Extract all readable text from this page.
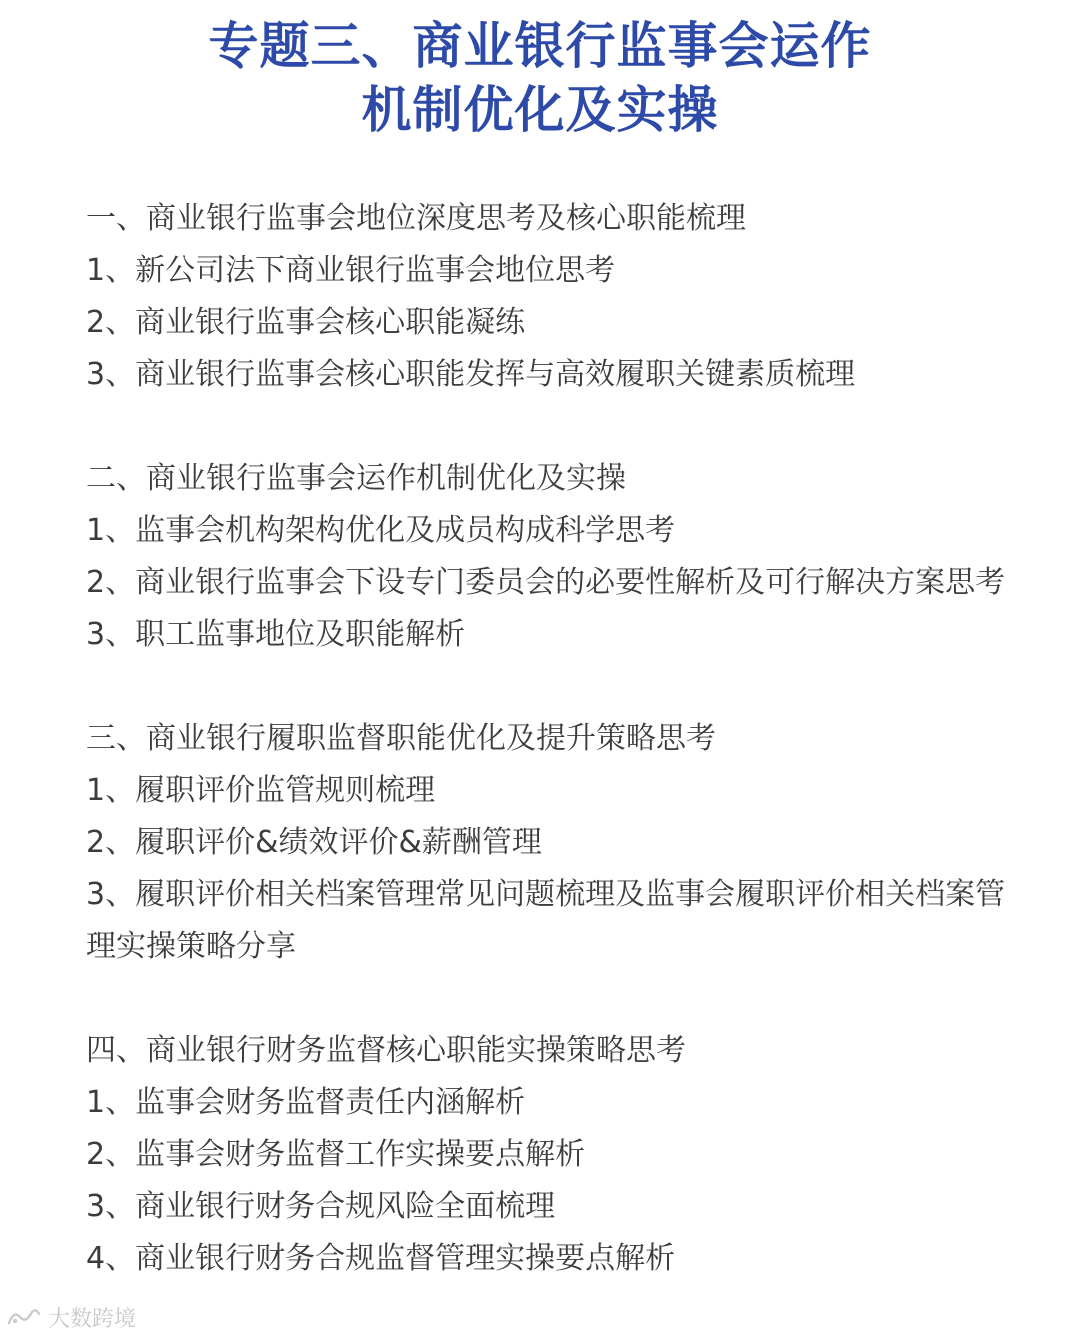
专题三、商业银行监事会运作
机制优化及实操
一、商业银行监事会地位深度思考及核心职能梳理
1、新公司法下商业银行监事会地位思考
2、商业银行监事会核心职能凝练
3、商业银行监事会核心职能发挥与高效履职关键素质梳理
二、商业银行监事会运作机制优化及实操
1、监事会机构架构优化及成员构成科学思考
2、商业银行监事会下设专门委员会的必要性解析及可行解决方案思考
3、职工监事地位及职能解析
三、商业银行履职监督职能优化及提升策略思考
1、履职评价监管规则梳理
2、履职评价&绩效评价&薪酬管理
3、履职评价相关档案管理常见问题梳理及监事会履职评价相关档案管理实操策略分享
四、商业银行财务监督核心职能实操策略思考
1、监事会财务监督责任内涵解析
2、监事会财务监督工作实操要点解析
3、商业银行财务合规风险全面梳理
4、商业银行财务合规监督管理实操要点解析
大数跨境
